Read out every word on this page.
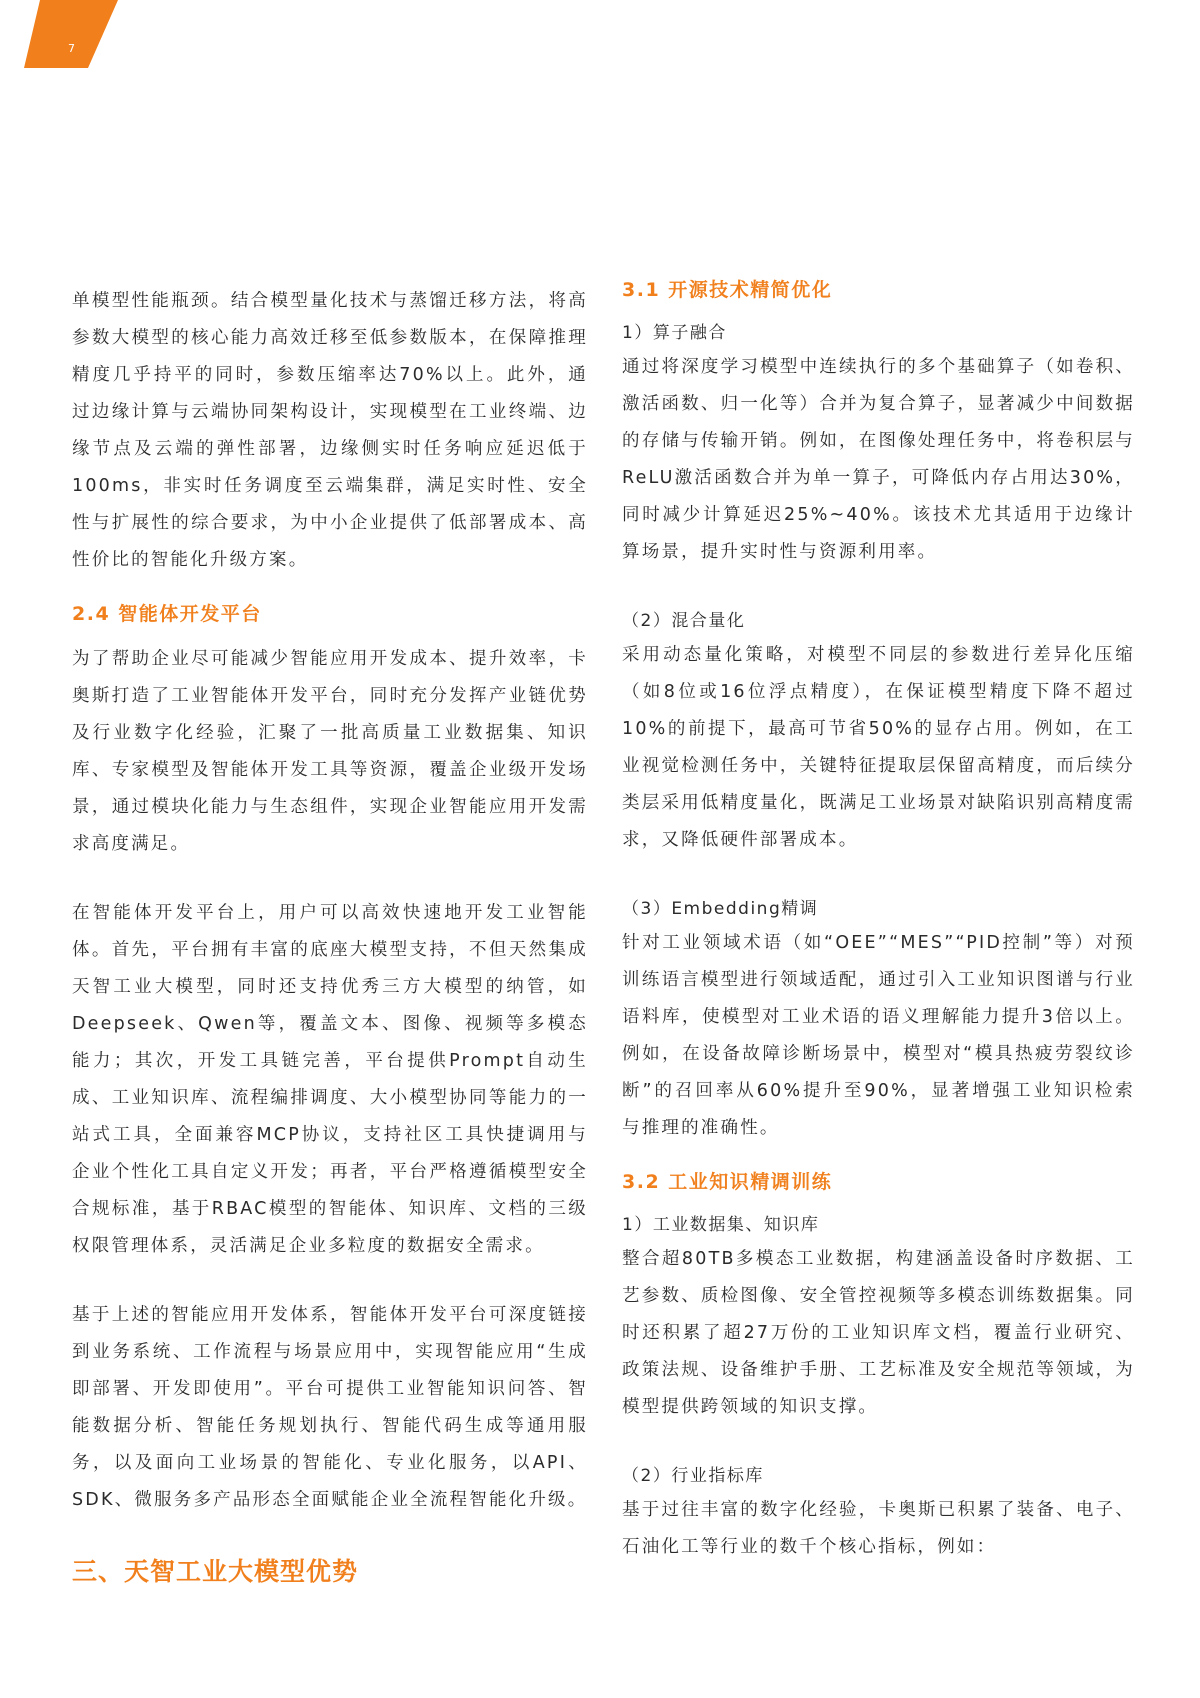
7

单模型性能瓶颈。结合模型量化技术与蒸馏迁移方法，将高参数大模型的核心能力高效迁移至低参数版本，在保障推理精度几乎持平的同时，参数压缩率达70%以上。此外，通过边缘计算与云端协同架构设计，实现模型在工业终端、边缘节点及云端的弹性部署，边缘侧实时任务响应延迟低于100ms，非实时任务调度至云端集群，满足实时性、安全性与扩展性的综合要求，为中小企业提供了低部署成本、高性价比的智能化升级方案。

2.4 智能体开发平台

为了帮助企业尽可能减少智能应用开发成本、提升效率，卡奥斯打造了工业智能体开发平台，同时充分发挥产业链优势及行业数字化经验，汇聚了一批高质量工业数据集、知识库、专家模型及智能体开发工具等资源，覆盖企业级开发场景，通过模块化能力与生态组件，实现企业智能应用开发需求高度满足。

在智能体开发平台上，用户可以高效快速地开发工业智能体。首先，平台拥有丰富的底座大模型支持，不但天然集成天智工业大模型，同时还支持优秀三方大模型的纳管，如Deepseek、Qwen等，覆盖文本、图像、视频等多模态能力；其次，开发工具链完善，平台提供Prompt自动生成、工业知识库、流程编排调度、大小模型协同等能力的一站式工具，全面兼容MCP协议，支持社区工具快捷调用与企业个性化工具自定义开发；再者，平台严格遵循模型安全合规标准，基于RBAC模型的智能体、知识库、文档的三级权限管理体系，灵活满足企业多粒度的数据安全需求。

基于上述的智能应用开发体系，智能体开发平台可深度链接到业务系统、工作流程与场景应用中，实现智能应用“生成即部署、开发即使用”。平台可提供工业智能知识问答、智能数据分析、智能任务规划执行、智能代码生成等通用服务，以及面向工业场景的智能化、专业化服务，以API、SDK、微服务多产品形态全面赋能企业全流程智能化升级。

三、天智工业大模型优势
3.1 开源技术精简优化
1）算子融合

通过将深度学习模型中连续执行的多个基础算子（如卷积、激活函数、归一化等）合并为复合算子，显著减少中间数据的存储与传输开销。例如，在图像处理任务中，将卷积层与ReLU激活函数合并为单一算子，可降低内存占用达30%，同时减少计算延迟25%~40%。该技术尤其适用于边缘计算场景，提升实时性与资源利用率。

（2）混合量化

采用动态量化策略，对模型不同层的参数进行差异化压缩（如8位或16位浮点精度），在保证模型精度下降不超过10%的前提下，最高可节省50%的显存占用。例如，在工业视觉检测任务中，关键特征提取层保留高精度，而后续分类层采用低精度量化，既满足工业场景对缺陷识别高精度需求，又降低硬件部署成本。

（3）Embedding精调

针对工业领域术语（如“OEE”“MES”“PID控制”等）对预训练语言模型进行领域适配，通过引入工业知识图谱与行业语料库，使模型对工业术语的语义理解能力提升3倍以上。例如，在设备故障诊断场景中，模型对“模具热疲劳裂纹诊断”的召回率从60%提升至90%，显著增强工业知识检索与推理的准确性。

3.2 工业知识精调训练
1）工业数据集、知识库

整合超80TB多模态工业数据，构建涵盖设备时序数据、工艺参数、质检图像、安全管控视频等多模态训练数据集。同时还积累了超27万份的工业知识库文档，覆盖行业研究、政策法规、设备维护手册、工艺标准及安全规范等领域，为模型提供跨领域的知识支撑。

（2）行业指标库

基于过往丰富的数字化经验，卡奥斯已积累了装备、电子、石油化工等行业的数千个核心指标，例如：
